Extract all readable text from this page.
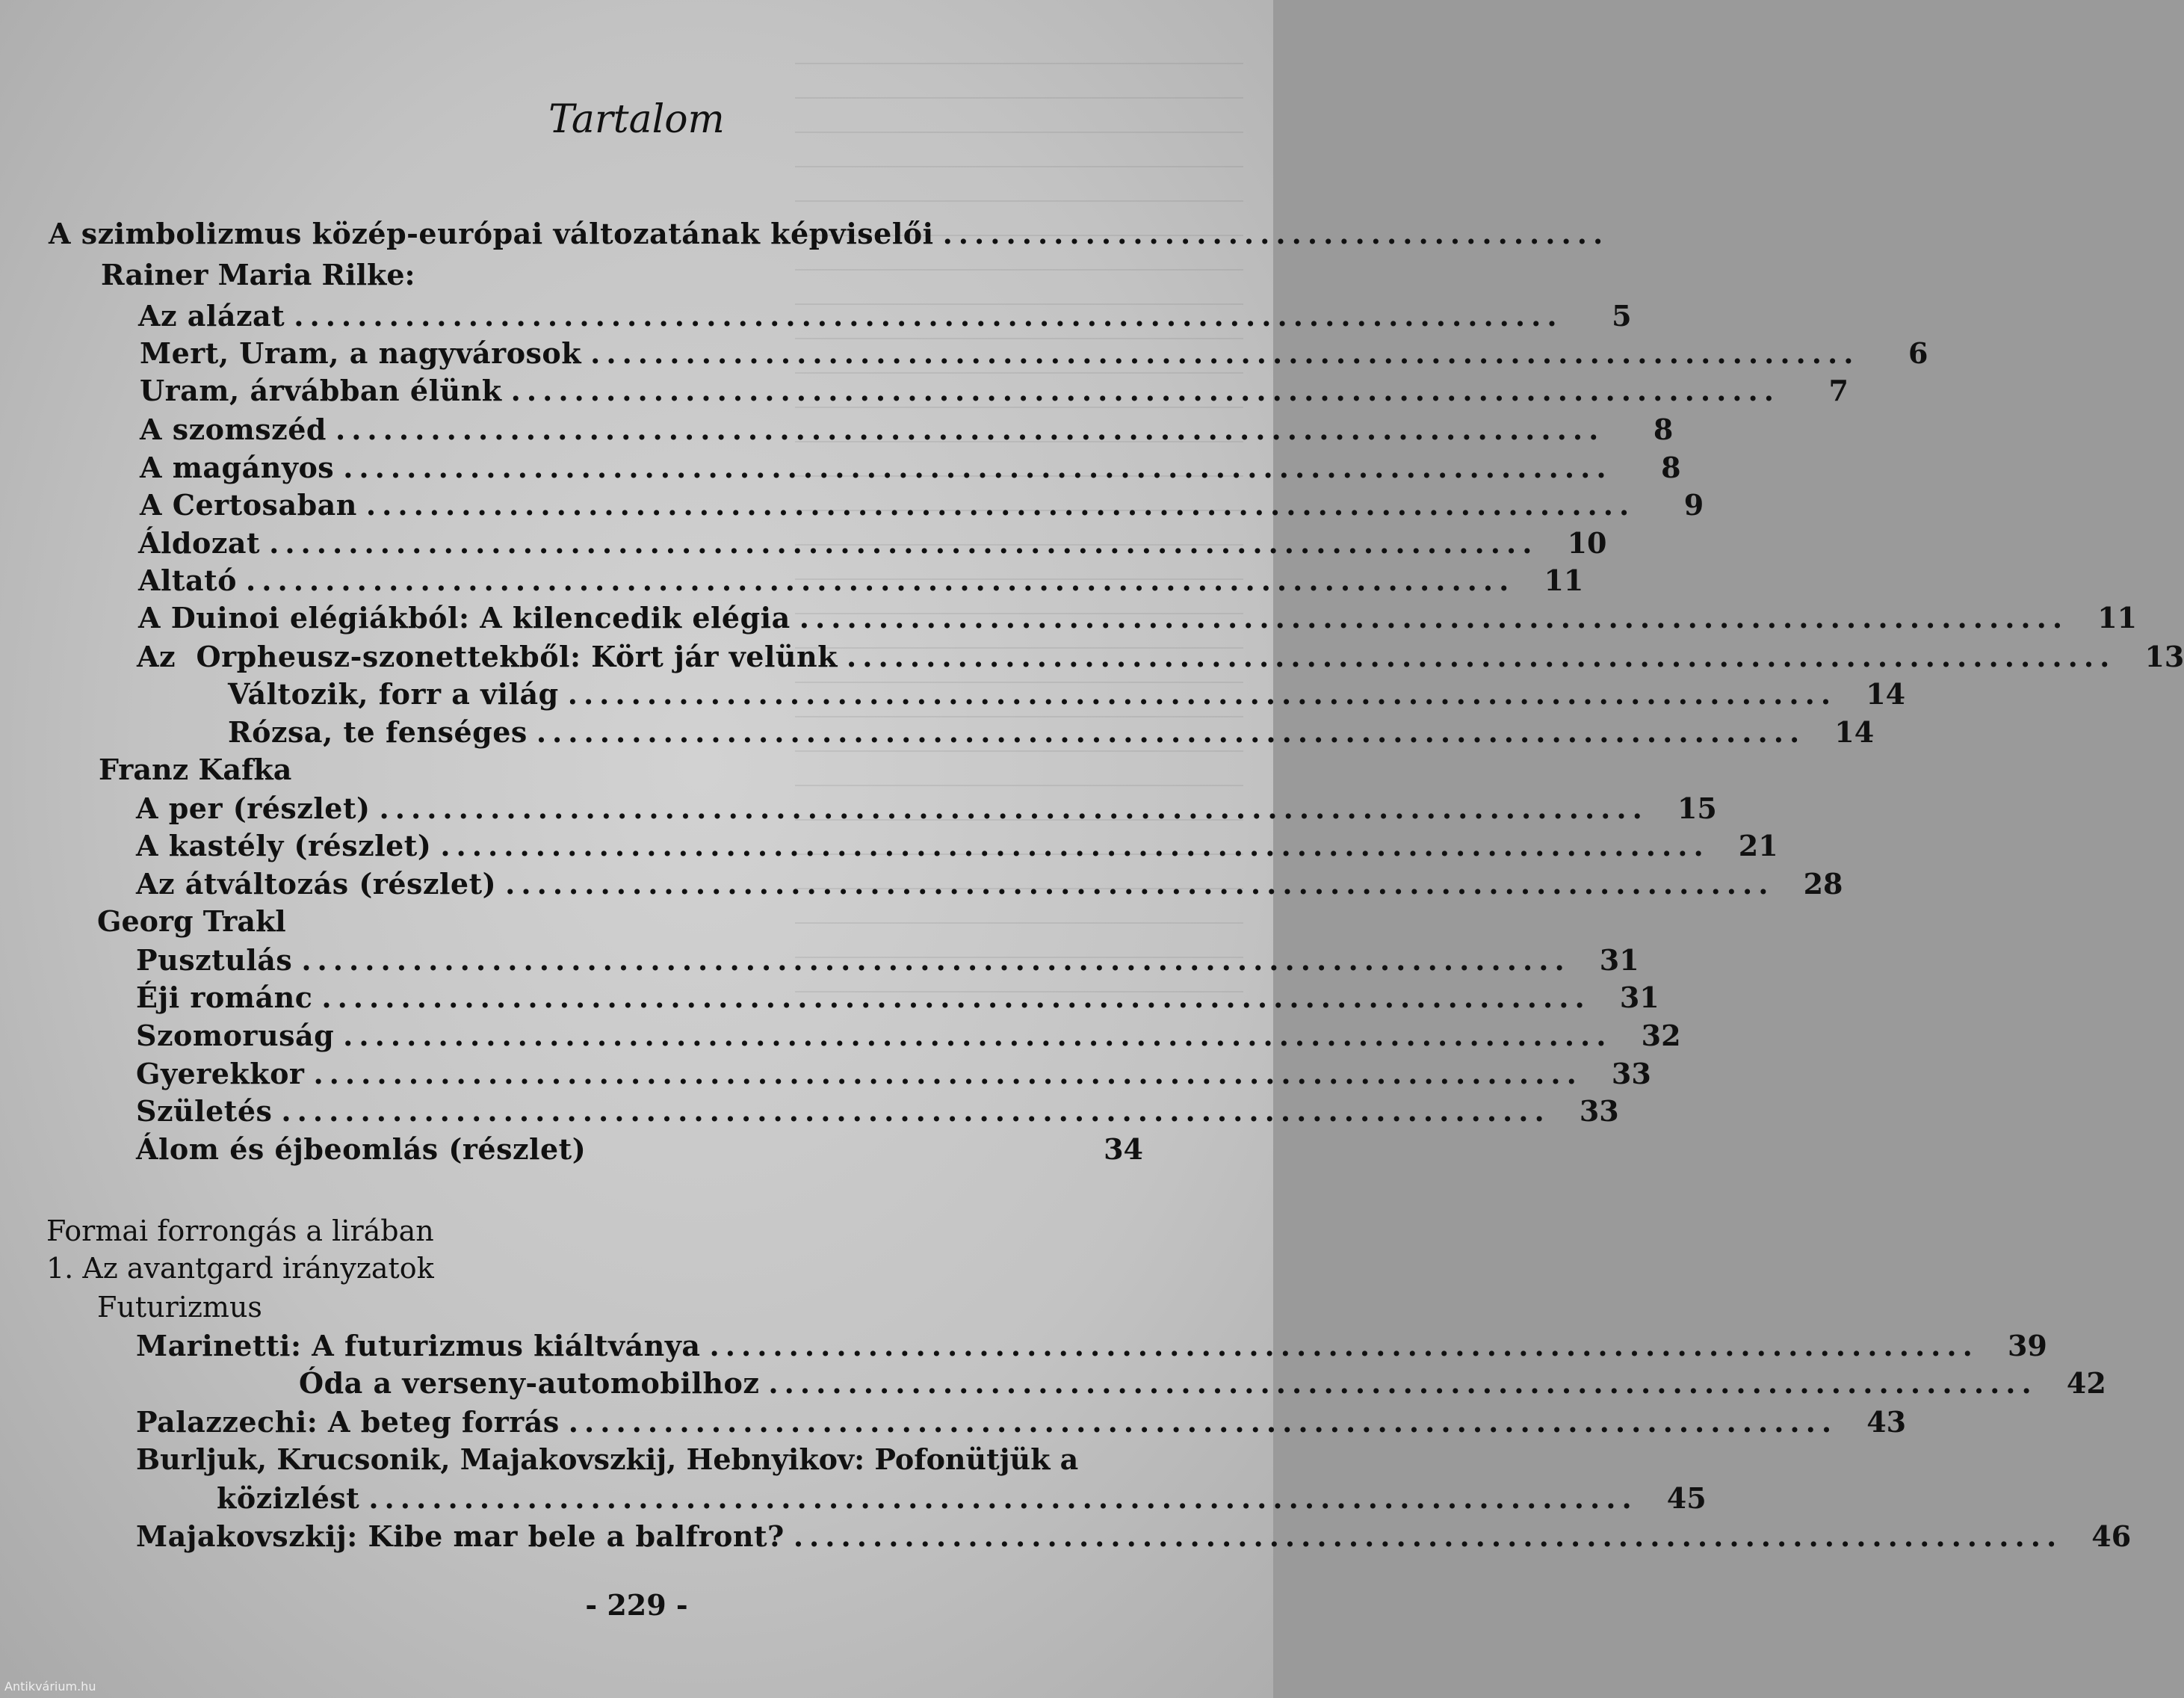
Tartalom
A szimbolizmus közép-európai változatának képviselői ..........................................
Rainer Maria Rilke:
Az alázat ................................................................................	5
Mert, Uram, a nagyvárosok ................................................................................	6
Uram, árvábban élünk ................................................................................	7
A szomszéd ................................................................................	8
A magányos ................................................................................	8
A Certosaban ................................................................................	9
Áldozat ................................................................................	10
Altató ................................................................................	11
A Duinoi elégiákból: A kilencedik elégia ................................................................................	11
Az  Orpheusz-szonettekből: Kört jár velünk ................................................................................	13
Változik, forr a világ ................................................................................	14
Rózsa, te fenséges ................................................................................	14
Franz Kafka
A per (részlet) ................................................................................	15
A kastély (részlet) ................................................................................	21
Az átváltozás (részlet) ................................................................................	28
Georg Trakl
Pusztulás ................................................................................	31
Éji románc ................................................................................	31
Szomoruság ................................................................................	32
Gyerekkor ................................................................................	33
Születés ................................................................................	33
Álom és éjbeomlás (részlet)	34
Formai forrongás a lirában
1. Az avantgard irányzatok
Futurizmus
Marinetti: A futurizmus kiáltványa ................................................................................	39
Óda a verseny-automobilhoz ................................................................................	42
Palazzechi: A beteg forrás ................................................................................	43
Burljuk, Krucsonik, Majakovszkij, Hebnyikov: Pofonütjük a
közizlést ................................................................................	45
Majakovszkij: Kibe mar bele a balfront? ................................................................................	46
- 229 -
Antikvárium.hu
